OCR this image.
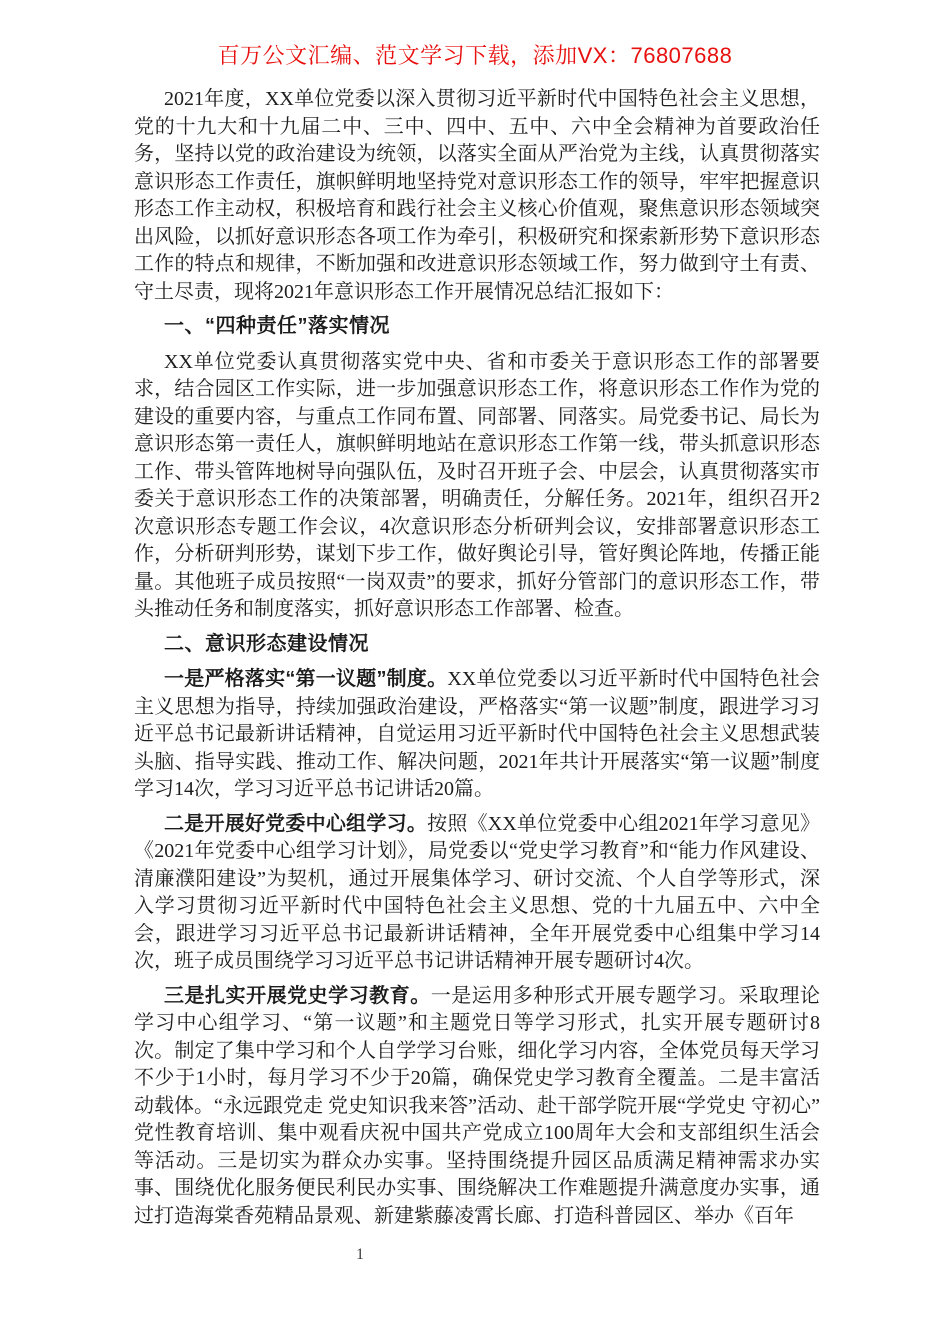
百万公文汇编、范文学习下载，添加VX：76807688

2021年度，XX单位党委以深入贯彻习近平新时代中国特色社会主义思想，党的十九大和十九届二中、三中、四中、五中、六中全会精神为首要政治任务，坚持以党的政治建设为统领，以落实全面从严治党为主线，认真贯彻落实意识形态工作责任，旗帜鲜明地坚持党对意识形态工作的领导，牢牢把握意识形态工作主动权，积极培育和践行社会主义核心价值观，聚焦意识形态领域突出风险，以抓好意识形态各项工作为牵引，积极研究和探索新形势下意识形态工作的特点和规律，不断加强和改进意识形态领域工作，努力做到守土有责、守土尽责，现将2021年意识形态工作开展情况总结汇报如下：

一、“四种责任”落实情况

XX单位党委认真贯彻落实党中央、省和市委关于意识形态工作的部署要求，结合园区工作实际，进一步加强意识形态工作，将意识形态工作作为党的建设的重要内容，与重点工作同布置、同部署、同落实。局党委书记、局长为意识形态第一责任人，旗帜鲜明地站在意识形态工作第一线，带头抓意识形态工作、带头管阵地树导向强队伍，及时召开班子会、中层会，认真贯彻落实市委关于意识形态工作的决策部署，明确责任，分解任务。2021年，组织召开2次意识形态专题工作会议，4次意识形态分析研判会议，安排部署意识形态工作，分析研判形势，谋划下步工作，做好舆论引导，管好舆论阵地，传播正能量。其他班子成员按照“一岗双责”的要求，抓好分管部门的意识形态工作，带头推动任务和制度落实，抓好意识形态工作部署、检查。

二、意识形态建设情况

一是严格落实“第一议题”制度。XX单位党委以习近平新时代中国特色社会主义思想为指导，持续加强政治建设，严格落实“第一议题”制度，跟进学习习近平总书记最新讲话精神，自觉运用习近平新时代中国特色社会主义思想武装头脑、指导实践、推动工作、解决问题，2021年共计开展落实“第一议题”制度学习14次，学习习近平总书记讲话20篇。

二是开展好党委中心组学习。按照《XX单位党委中心组2021年学习意见》《2021年党委中心组学习计划》，局党委以“党史学习教育”和“能力作风建设、清廉濮阳建设”为契机，通过开展集体学习、研讨交流、个人自学等形式，深入学习贯彻习近平新时代中国特色社会主义思想、党的十九届五中、六中全会，跟进学习习近平总书记最新讲话精神，全年开展党委中心组集中学习14次，班子成员围绕学习习近平总书记讲话精神开展专题研讨4次。

三是扎实开展党史学习教育。一是运用多种形式开展专题学习。采取理论学习中心组学习、“第一议题”和主题党日等学习形式，扎实开展专题研讨8次。制定了集中学习和个人自学学习台账，细化学习内容，全体党员每天学习不少于1小时，每月学习不少于20篇，确保党史学习教育全覆盖。二是丰富活动载体。“永远跟党走 党史知识我来答”活动、赴干部学院开展“学党史 守初心”党性教育培训、集中观看庆祝中国共产党成立100周年大会和支部组织生活会等活动。三是切实为群众办实事。坚持围绕提升园区品质满足精神需求办实事、围绕优化服务便民利民办实事、围绕解决工作难题提升满意度办实事，通过打造海棠香苑精品景观、新建紫藤凌霄长廊、打造科普园区、举办《百年

1
